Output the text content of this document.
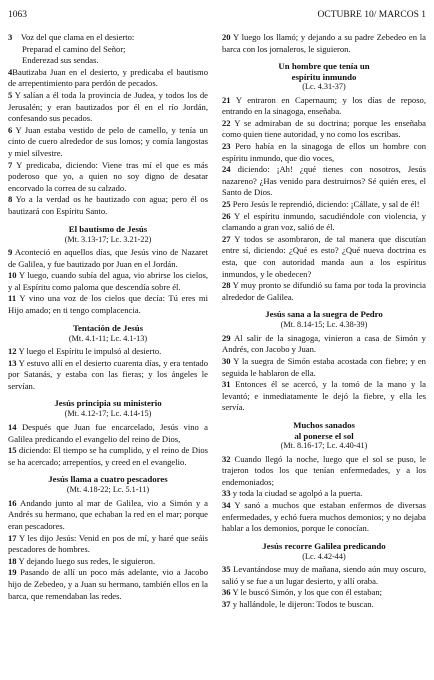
1063	OCTUBRE 10/ MARCOS 1

3 Voz del que clama en el desierto:

Preparad el camino del Señor;

Enderezad sus sendas.

4Bautizaba Juan en el desierto, y predicaba el bautismo de arrepentimiento para perdón de pecados.

5 Y salían a él toda la provincia de Judea, y todos los de Jerusalén; y eran bautizados por él en el río Jordán, confesando sus pecados.

6 Y Juan estaba vestido de pelo de camello, y tenía un cinto de cuero alrededor de sus lomos; y comía langostas y miel silvestre.

7 Y predicaba, diciendo: Viene tras mí el que es más poderoso que yo, a quien no soy digno de desatar encorvado la correa de su calzado.

8 Yo a la verdad os he bautizado con agua; pero él os bautizará con Espíritu Santo.

El bautismo de Jesús

(Mt. 3.13-17; Lc. 3.21-22)

9 Aconteció en aquellos días, que Jesús vino de Nazaret de Galilea, y fue bautizado por Juan en el Jordán.

10 Y luego, cuando subía del agua, vio abrirse los cielos, y al Espíritu como paloma que descendía sobre él.

11 Y vino una voz de los cielos que decía: Tú eres mi Hijo amado; en ti tengo complacencia.

Tentación de Jesús

(Mt. 4.1-11; Lc. 4.1-13)

12 Y luego el Espíritu le impulsó al desierto.

13 Y estuvo allí en el desierto cuarenta días, y era tentado por Satanás, y estaba con las fieras; y los ángeles le servían.

Jesús principia su ministerio

(Mt. 4.12-17; Lc. 4.14-15)

14 Después que Juan fue encarcelado, Jesús vino a Galilea predicando el evangelio del reino de Dios,

15 diciendo: El tiempo se ha cumplido, y el reino de Dios se ha acercado; arrepentíos, y creed en el evangelio.

Jesús llama a cuatro pescadores

(Mt. 4.18-22; Lc. 5.1-11)

16 Andando junto al mar de Galilea, vio a Simón y a Andrés su hermano, que echaban la red en el mar; porque eran pescadores.

17 Y les dijo Jesús: Venid en pos de mí, y haré que seáis pescadores de hombres.

18 Y dejando luego sus redes, le siguieron.

19 Pasando de allí un poco más adelante, vio a Jacobo hijo de Zebedeo, y a Juan su hermano, también ellos en la barca, que remendaban las redes.

20 Y luego los llamó; y dejando a su padre Zebedeo en la barca con los jornaleros, le siguieron.

Un hombre que tenía un
espíritu inmundo

(Lc. 4.31-37)

21 Y entraron en Capernaum; y los días de reposo, entrando en la sinagoga, enseñaba.

22 Y se admiraban de su doctrina; porque les enseñaba como quien tiene autoridad, y no como los escribas.

23 Pero había en la sinagoga de ellos un hombre con espíritu inmundo, que dio voces,

24 diciendo: ¡Ah! ¿qué tienes con nosotros, Jesús nazareno? ¿Has venido para destruirnos? Sé quién eres, el Santo de Dios.

25 Pero Jesús le reprendió, diciendo: ¡Cállate, y sal de él!

26 Y el espíritu inmundo, sacudiéndole con violencia, y clamando a gran voz, salió de él.

27 Y todos se asombraron, de tal manera que discutían entre sí, diciendo: ¿Qué es esto? ¿Qué nueva doctrina es esta, que con autoridad manda aun a los espíritus inmundos, y le obedecen?

28 Y muy pronto se difundió su fama por toda la provincia alrededor de Galilea.

Jesús sana a la suegra de Pedro

(Mt. 8.14-15; Lc. 4.38-39)

29 Al salir de la sinagoga, vinieron a casa de Simón y Andrés, con Jacobo y Juan.

30 Y la suegra de Simón estaba acostada con fiebre; y en seguida le hablaron de ella.

31 Entonces él se acercó, y la tomó de la mano y la levantó; e inmediatamente le dejó la fiebre, y ella les servía.

Muchos sanados
al ponerse el sol

(Mt. 8.16-17; Lc. 4.40-41)

32 Cuando llegó la noche, luego que el sol se puso, le trajeron todos los que tenían enfermedades, y a los endemoniados;

33 y toda la ciudad se agolpó a la puerta.

34 Y sanó a muchos que estaban enfermos de diversas enfermedades, y echó fuera muchos demonios; y no dejaba hablar a los demonios, porque le conocían.

Jesús recorre Galilea predicando

(Lc. 4.42-44)

35 Levantándose muy de mañana, siendo aún muy oscuro, salió y se fue a un lugar desierto, y allí oraba.

36 Y le buscó Simón, y los que con él estaban;

37 y hallándole, le dijeron: Todos te buscan.
